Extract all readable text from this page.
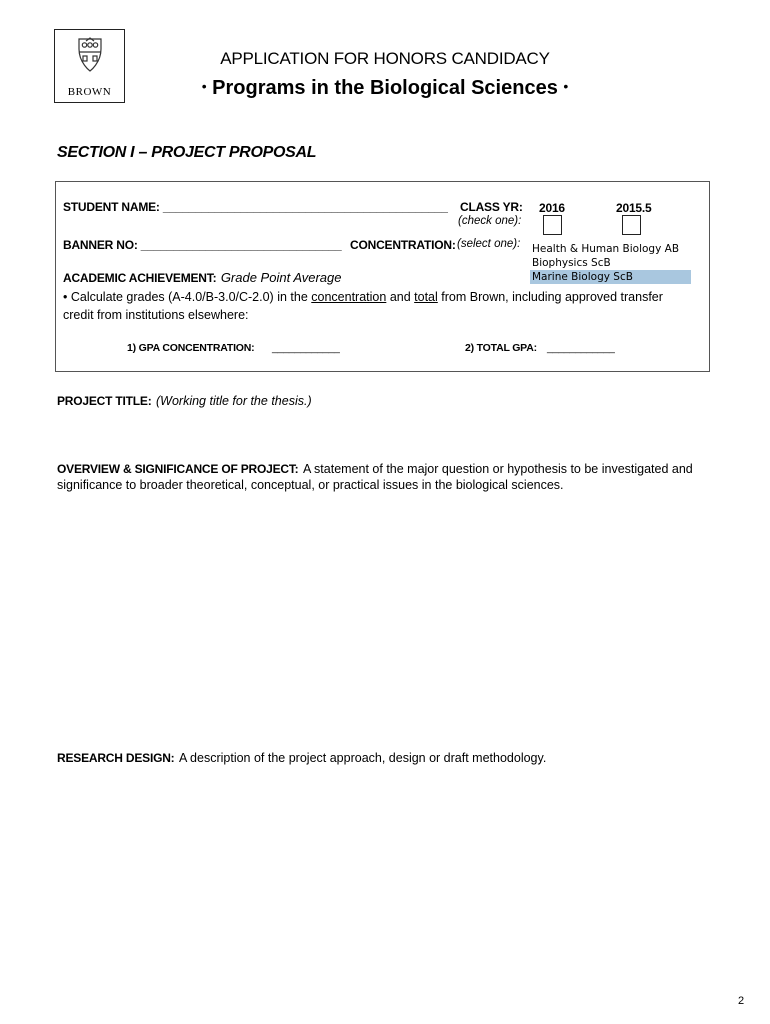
BROWN
APPLICATION FOR HONORS CANDIDACY
• Programs in the Biological Sciences •
SECTION I – PROJECT PROPOSAL
STUDENT NAME: ____________________________________________ CLASS YR:
(check one):
2016	2015.5
BANNER NO: _______________________________ CONCENTRATION: (select one): Health & Human Biology AB
Biophysics ScB
Marine Biology ScB
ACADEMIC ACHIEVEMENT: Grade Point Average
• Calculate grades (A-4.0/B-3.0/C-2.0) in the concentration and total from Brown, including approved transfer
credit from institutions elsewhere:
1) GPA CONCENTRATION: ____________	2) TOTAL GPA: ____________
PROJECT TITLE: (Working title for the thesis.)
OVERVIEW & SIGNIFICANCE OF PROJECT: A statement of the major question or hypothesis to be investigated and
significance to broader theoretical, conceptual, or practical issues in the biological sciences.
RESEARCH DESIGN: A description of the project approach, design or draft methodology.
2
